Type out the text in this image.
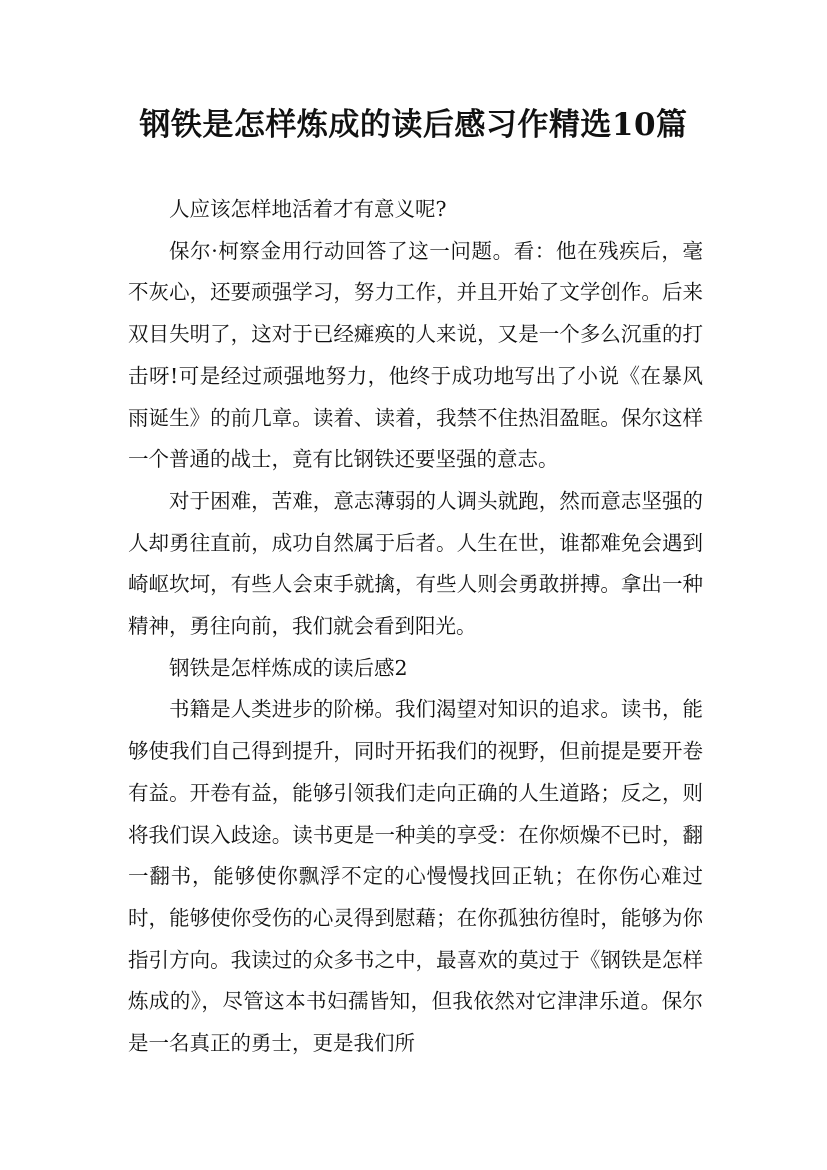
钢铁是怎样炼成的读后感习作精选10篇

人应该怎样地活着才有意义呢?

保尔·柯察金用行动回答了这一问题。看：他在残疾后，毫不灰心，还要顽强学习，努力工作，并且开始了文学创作。后来双目失明了，这对于已经瘫痪的人来说，又是一个多么沉重的打击呀!可是经过顽强地努力，他终于成功地写出了小说《在暴风雨诞生》的前几章。读着、读着，我禁不住热泪盈眶。保尔这样一个普通的战士，竟有比钢铁还要坚强的意志。

对于困难，苦难，意志薄弱的人调头就跑，然而意志坚强的人却勇往直前，成功自然属于后者。人生在世，谁都难免会遇到崎岖坎坷，有些人会束手就擒，有些人则会勇敢拼搏。拿出一种精神，勇往向前，我们就会看到阳光。

钢铁是怎样炼成的读后感2

书籍是人类进步的阶梯。我们渴望对知识的追求。读书，能够使我们自己得到提升，同时开拓我们的视野，但前提是要开卷有益。开卷有益，能够引领我们走向正确的人生道路；反之，则将我们误入歧途。读书更是一种美的享受：在你烦燥不已时，翻一翻书，能够使你飘浮不定的心慢慢找回正轨；在你伤心难过时，能够使你受伤的心灵得到慰藉；在你孤独彷徨时，能够为你指引方向。我读过的众多书之中，最喜欢的莫过于《钢铁是怎样炼成的》，尽管这本书妇孺皆知，但我依然对它津津乐道。保尔是一名真正的勇士，更是我们所
